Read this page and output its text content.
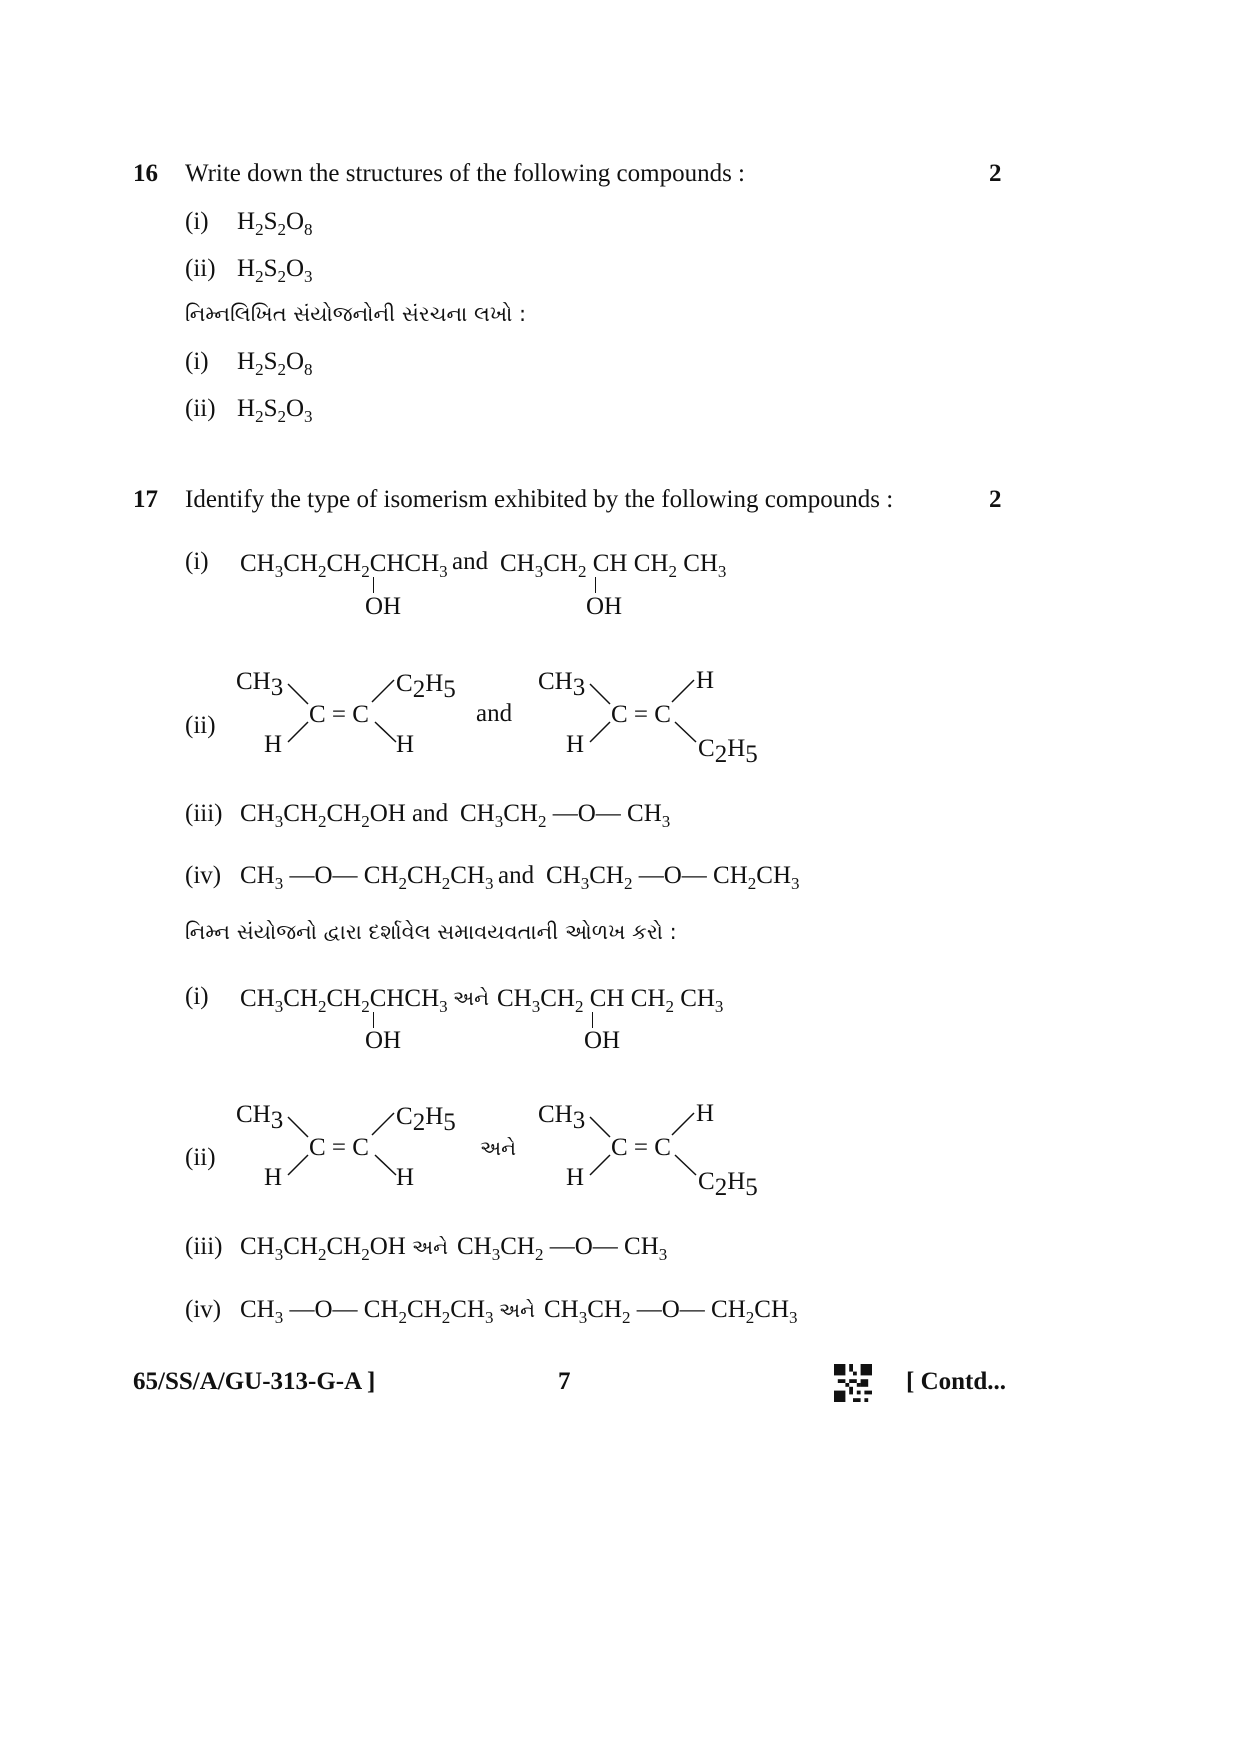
16 Write down the structures of the following compounds :	2
(i) $H_2S_2O_8$
(ii) $H_2S_2O_3$
નિમ્નલિખિત સંયોજનોની સંરચના લખો :
(i) $H_2S_2O_8$
(ii) $H_2S_2O_3$
17 Identify the type of isomerism exhibited by the following compounds :	2
(i) $CH_3CH_2CH_2CHCH_3$
OH
and $CH_3CH_2$ CH $CH_2$ $CH_3$
OH
(ii)
CH3
C = C
C2H5
H	H
and
CH3
C = C
H
H	C2H5
(iii) $CH_3CH_2CH_2OH$ and $CH_3CH_2$ —O— $CH_3$
(iv) $CH_3$ —O— $CH_2CH_2CH_3$ and $CH_3CH_2$ —O— $CH_2CH_3$
નિમ્ન સંયોજનો દ્વારા દર્શાવેલ સમાવયવતાની ઓળખ કરો :
(i) $CH_3CH_2CH_2CHCH_3$
OH
અને $CH_3CH_2$ CH $CH_2$ $CH_3$
OH
(ii)
CH3
C = C
C2H5
H	H
અને
CH3
C = C
H
H	C2H5
(iii) $CH_3CH_2CH_2OH$ અને $CH_3CH_2$ —O— $CH_3$
(iv) $CH_3$ —O— $CH_2CH_2CH_3$ અને $CH_3CH_2$ —O— $CH_2CH_3$
65/SS/A/GU-313-G-A ]	7	[ Contd...
